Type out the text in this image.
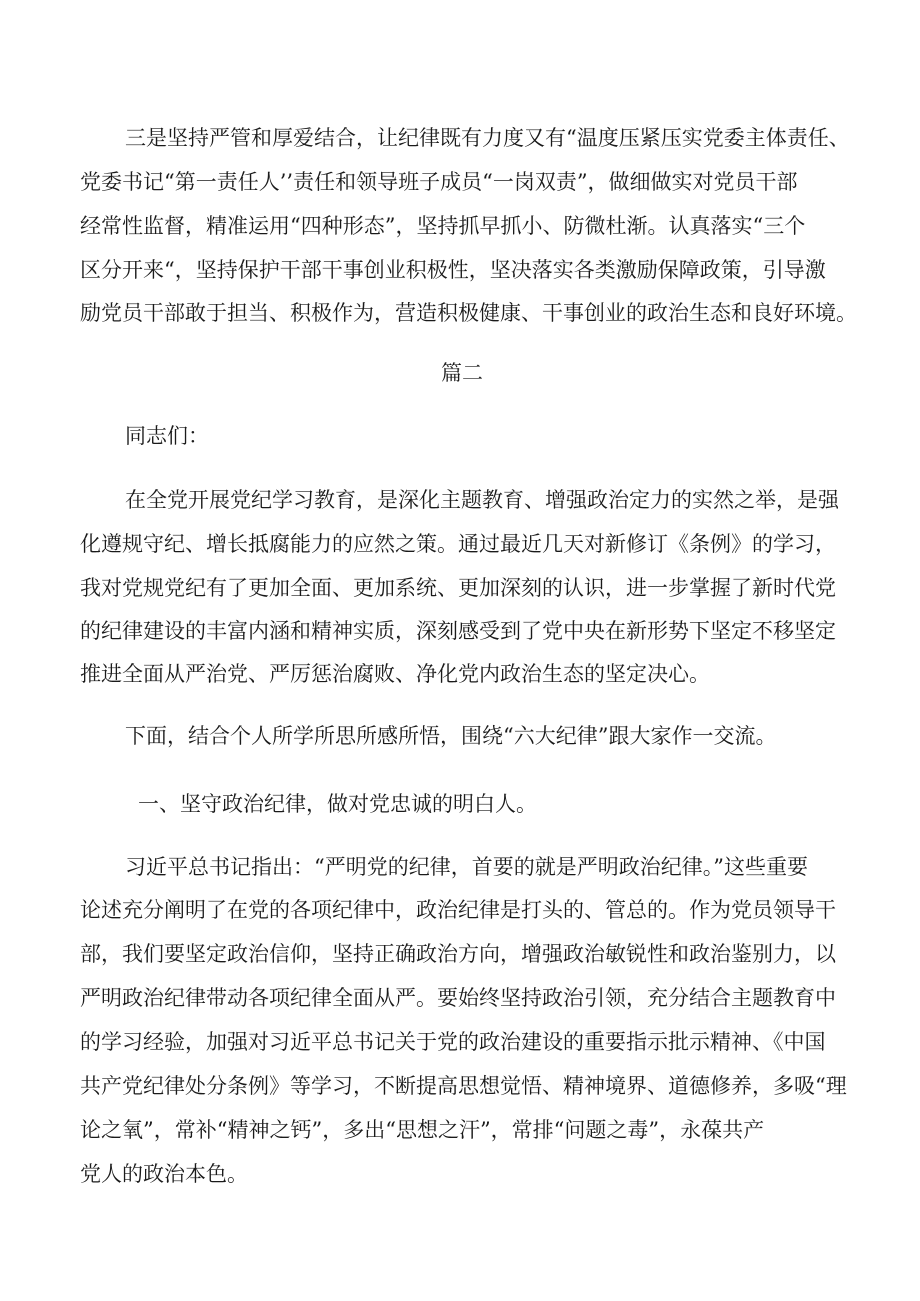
三是坚持严管和厚爱结合，让纪律既有力度又有“温度压紧压实党委主体责任、
党委书记“第一责任人’’责任和领导班子成员“一岗双责”，做细做实对党员干部
经常性监督，精准运用“四种形态”，坚持抓早抓小、防微杜渐。认真落实“三个
区分开来“，坚持保护干部干事创业积极性，坚决落实各类激励保障政策，引导激
励党员干部敢于担当、积极作为，营造积极健康、干事创业的政治生态和良好环境。
篇二
同志们：
在全党开展党纪学习教育，是深化主题教育、增强政治定力的实然之举，是强
化遵规守纪、增长抵腐能力的应然之策。通过最近几天对新修订《条例》的学习，
我对党规党纪有了更加全面、更加系统、更加深刻的认识，进一步掌握了新时代党
的纪律建设的丰富内涵和精神实质，深刻感受到了党中央在新形势下坚定不移坚定
推进全面从严治党、严厉惩治腐败、净化党内政治生态的坚定决心。
下面，结合个人所学所思所感所悟，围绕“六大纪律”跟大家作一交流。
一、坚守政治纪律，做对党忠诚的明白人。
习近平总书记指出：“严明党的纪律，首要的就是严明政治纪律。”这些重要
论述充分阐明了在党的各项纪律中，政治纪律是打头的、管总的。作为党员领导干
部，我们要坚定政治信仰，坚持正确政治方向，增强政治敏锐性和政治鉴别力，以
严明政治纪律带动各项纪律全面从严。要始终坚持政治引领，充分结合主题教育中
的学习经验，加强对习近平总书记关于党的政治建设的重要指示批示精神、《中国
共产党纪律处分条例》等学习，不断提高思想觉悟、精神境界、道德修养，多吸“理
论之氧”，常补“精神之钙”，多出“思想之汗”，常排“问题之毒”，永葆共产
党人的政治本色。
